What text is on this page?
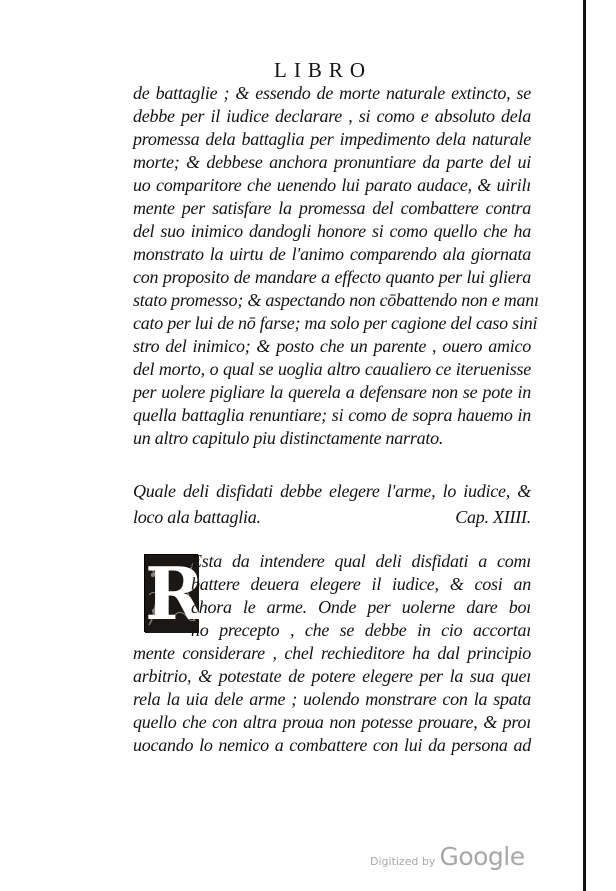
LIBRO
de battaglie ; & essendo de morte naturale extincto, se
debbe per il iudice declarare , si como e absoluto dela
promessa dela battaglia per impedimento dela naturale
morte; & debbese anchora pronuntiare da parte del ui
uo comparitore che uenendo lui parato audace, & uirilı
mente per satisfare la promessa del combattere contra
del suo inimico dandogli honore si como quello che ha
monstrato la uirtu de l'animo comparendo ala giornata
con proposito de mandare a effecto quanto per lui gliera
stato promesso; & aspectando non cōbattendo non e manı
cato per lui de nō farse; ma solo per cagione del caso sini
stro del inimico; & posto che un parente , ouero amico
del morto, o qual se uoglia altro caualiero ce iteruenisse
per uolere pigliare la querela a defensare non se pote in
quella battaglia renuntiare; si como de sopra hauemo in
un altro capitulo piu distinctamente narrato.
Quale deli disfidati debbe elegere l'arme, lo iudice, &
loco ala battaglia.	Cap. XIIII.
R
Esta da intendere qual deli disfidati a comı
battere deuera elegere il iudice, & cosi an
chora le arme. Onde per uolerne dare boı
no precepto , che se debbe in cio accortaı
mente considerare , chel rechieditore ha dal principio
arbitrio, & potestate de potere elegere per la sua queı
rela la uia dele arme ; uolendo monstrare con la spata
quello che con altra proua non potesse prouare, & proı
uocando lo nemico a combattere con lui da persona ad
Digitized by Google
